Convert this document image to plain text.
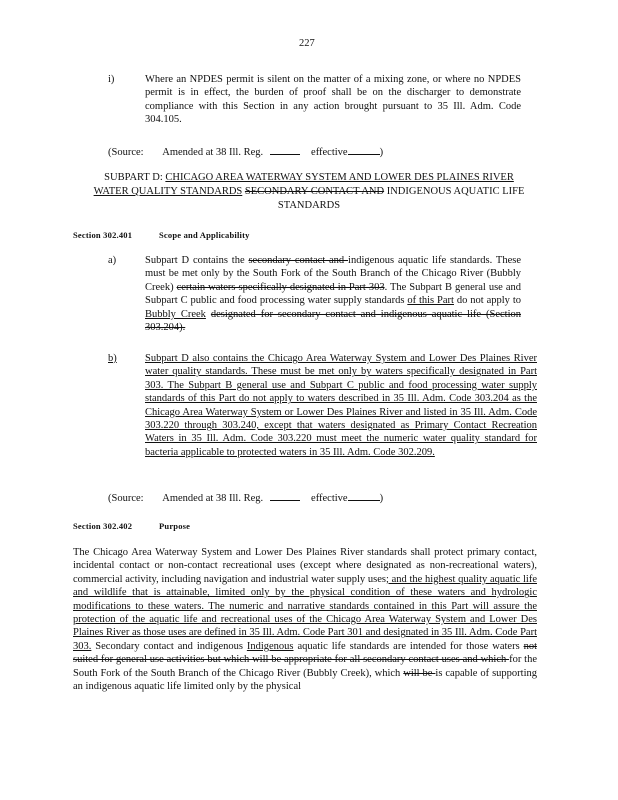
227
i)	Where an NPDES permit is silent on the matter of a mixing zone, or where no NPDES permit is in effect, the burden of proof shall be on the discharger to demonstrate compliance with this Section in any action brought pursuant to 35 Ill. Adm. Code 304.105.
(Source: Amended at 38 Ill. Reg.	effective	)
SUBPART D: CHICAGO AREA WATERWAY SYSTEM AND LOWER DES PLAINES RIVER WATER QUALITY STANDARDS SECONDARY CONTACT AND INDIGENOUS AQUATIC LIFE STANDARDS
Section 302.401	Scope and Applicability
a)	Subpart D contains the secondary contact and indigenous aquatic life standards. These must be met only by the South Fork of the South Branch of the Chicago River (Bubbly Creek) certain waters specifically designated in Part 303. The Subpart B general use and Subpart C public and food processing water supply standards of this Part do not apply to Bubbly Creek designated for secondary contact and indigenous aquatic life (Section 303.204).
b)	Subpart D also contains the Chicago Area Waterway System and Lower Des Plaines River water quality standards. These must be met only by waters specifically designated in Part 303. The Subpart B general use and Subpart C public and food processing water supply standards of this Part do not apply to waters described in 35 Ill. Adm. Code 303.204 as the Chicago Area Waterway System or Lower Des Plaines River and listed in 35 Ill. Adm. Code 303.220 through 303.240, except that waters designated as Primary Contact Recreation Waters in 35 Ill. Adm. Code 303.220 must meet the numeric water quality standard for bacteria applicable to protected waters in 35 Ill. Adm. Code 302.209.
(Source: Amended at 38 Ill. Reg.	effective	)
Section 302.402	Purpose
The Chicago Area Waterway System and Lower Des Plaines River standards shall protect primary contact, incidental contact or non-contact recreational uses (except where designated as non-recreational waters), commercial activity, including navigation and industrial water supply uses; and the highest quality aquatic life and wildlife that is attainable, limited only by the physical condition of these waters and hydrologic modifications to these waters. The numeric and narrative standards contained in this Part will assure the protection of the aquatic life and recreational uses of the Chicago Area Waterway System and Lower Des Plaines River as those uses are defined in 35 Ill. Adm. Code Part 301 and designated in 35 Ill. Adm. Code Part 303. Secondary contact and indigenous Indigenous aquatic life standards are intended for those waters not suited for general use activities but which will be appropriate for all secondary contact uses and which for the South Fork of the South Branch of the Chicago River (Bubbly Creek), which will be is capable of supporting an indigenous aquatic life limited only by the physical
